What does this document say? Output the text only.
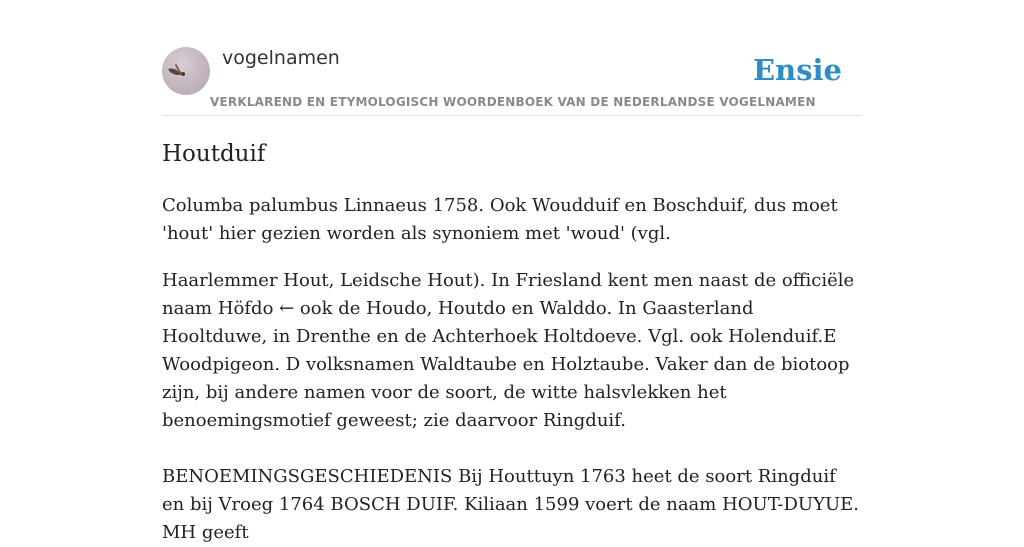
vogelnamen	Ensie
VERKLAREND EN ETYMOLOGISCH WOORDENBOEK VAN DE NEDERLANDSE VOGELNAMEN
Houtduif

Columba palumbus Linnaeus 1758. Ook Woudduif en Boschduif, dus moet 'hout' hier gezien worden als synoniem met 'woud' (vgl.

Haarlemmer Hout, Leidsche Hout). In Friesland kent men naast de officiële naam Höfdo ← ook de Houdo, Houtdo en Walddo. In Gaasterland Hooltduwe, in Drenthe en de Achterhoek Holtdoeve. Vgl. ook Holenduif.E Woodpigeon. D volksnamen Waldtaube en Holztaube. Vaker dan de biotoop zijn, bij andere namen voor de soort, de witte halsvlekken het benoemingsmotief geweest; zie daarvoor Ringduif.

BENOEMINGSGESCHIEDENIS Bij Houttuyn 1763 heet de soort Ringduif en bij Vroeg 1764 BOSCH DUIF. Kiliaan 1599 voert de naam HOUT-DUYUE. MH geeft
